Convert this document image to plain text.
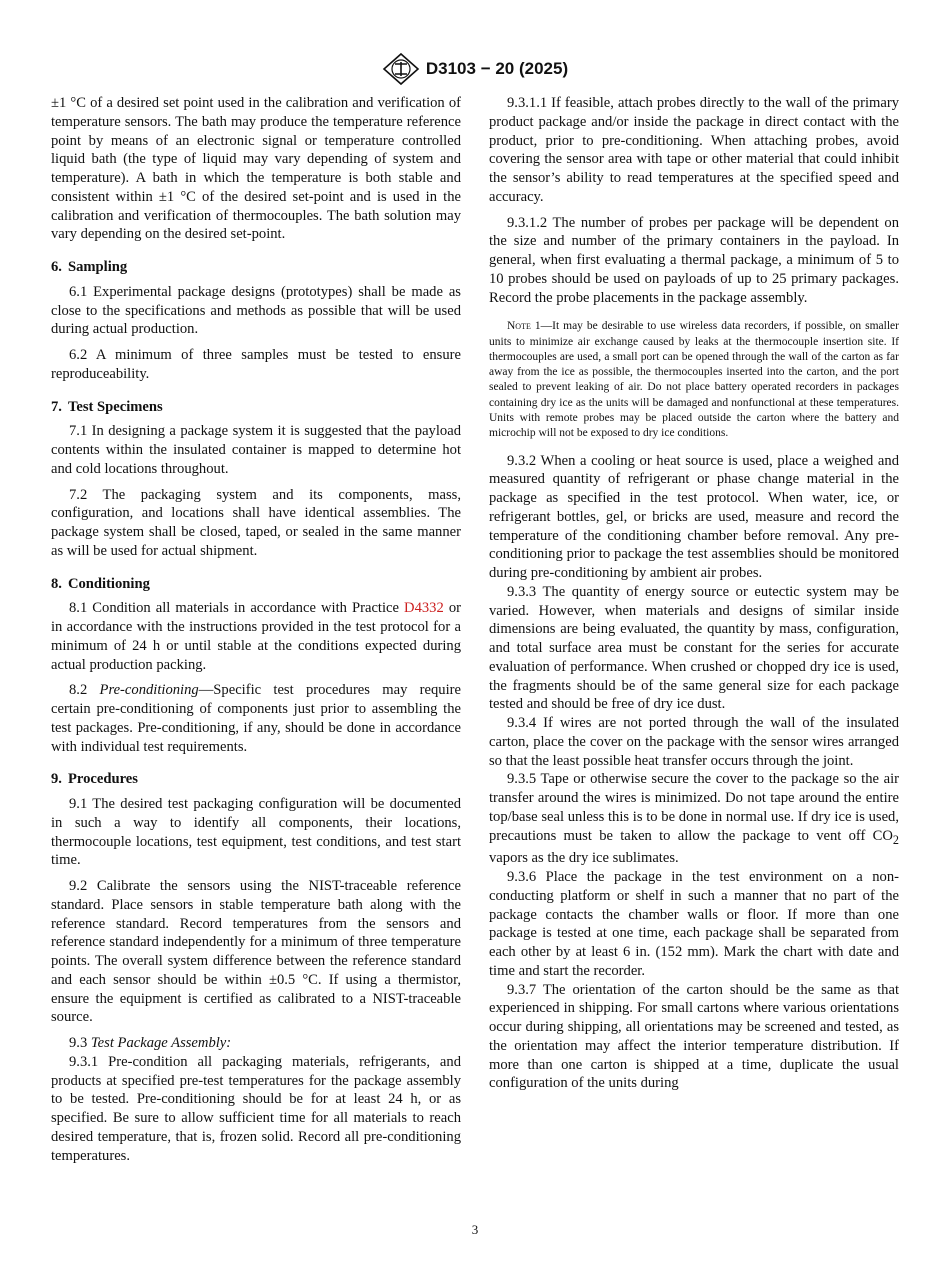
D3103 − 20 (2025)

±1 °C of a desired set point used in the calibration and verification of temperature sensors. The bath may produce the temperature reference point by means of an electronic signal or temperature controlled liquid bath (the type of liquid may vary depending of system and temperature). A bath in which the temperature is both stable and consistent within ±1 °C of the desired set-point and is used in the calibration and verification of thermocouples. The bath solution may vary depending on the desired set-point.

6. Sampling

6.1 Experimental package designs (prototypes) shall be made as close to the specifications and methods as possible that will be used during actual production.

6.2 A minimum of three samples must be tested to ensure reproduceability.

7. Test Specimens

7.1 In designing a package system it is suggested that the payload contents within the insulated container is mapped to determine hot and cold locations throughout.

7.2 The packaging system and its components, mass, configuration, and locations shall have identical assemblies. The package system shall be closed, taped, or sealed in the same manner as will be used for actual shipment.

8. Conditioning

8.1 Condition all materials in accordance with Practice D4332 or in accordance with the instructions provided in the test protocol for a minimum of 24 h or until stable at the conditions expected during actual production packing.

8.2 Pre-conditioning—Specific test procedures may require certain pre-conditioning of components just prior to assembling the test packages. Pre-conditioning, if any, should be done in accordance with individual test requirements.

9. Procedures

9.1 The desired test packaging configuration will be documented in such a way to identify all components, their locations, thermocouple locations, test equipment, test conditions, and test start time.

9.2 Calibrate the sensors using the NIST-traceable reference standard. Place sensors in stable temperature bath along with the reference standard. Record temperatures from the sensors and reference standard independently for a minimum of three temperature points. The overall system difference between the reference standard and each sensor should be within ±0.5 °C. If using a thermistor, ensure the equipment is certified as calibrated to a NIST-traceable source.

9.3 Test Package Assembly:

9.3.1 Pre-condition all packaging materials, refrigerants, and products at specified pre-test temperatures for the package assembly to be tested. Pre-conditioning should be for at least 24 h, or as specified. Be sure to allow sufficient time for all materials to reach desired temperature, that is, frozen solid. Record all pre-conditioning temperatures.

9.3.1.1 If feasible, attach probes directly to the wall of the primary product package and/or inside the package in direct contact with the product, prior to pre-conditioning. When attaching probes, avoid covering the sensor area with tape or other material that could inhibit the sensor’s ability to read temperatures at the specified speed and accuracy.

9.3.1.2 The number of probes per package will be dependent on the size and number of the primary containers in the payload. In general, when first evaluating a thermal package, a minimum of 5 to 10 probes should be used on payloads of up to 25 primary packages. Record the probe placements in the package assembly.

Note 1—It may be desirable to use wireless data recorders, if possible, on smaller units to minimize air exchange caused by leaks at the thermocouple insertion site. If thermocouples are used, a small port can be opened through the wall of the carton as far away from the ice as possible, the thermocouples inserted into the carton, and the port sealed to prevent leaking of air. Do not place battery operated recorders in packages containing dry ice as the units will be damaged and nonfunctional at these temperatures. Units with remote probes may be placed outside the carton where the battery and microchip will not be exposed to dry ice conditions.

9.3.2 When a cooling or heat source is used, place a weighed and measured quantity of refrigerant or phase change material in the package as specified in the test protocol. When water, ice, or refrigerant bottles, gel, or bricks are used, measure and record the temperature of the conditioning chamber before removal. Any pre-conditioning prior to package the test assemblies should be monitored during pre-conditioning by ambient air probes.

9.3.3 The quantity of energy source or eutectic system may be varied. However, when materials and designs of similar inside dimensions are being evaluated, the quantity by mass, configuration, and total surface area must be constant for the series for accurate evaluation of performance. When crushed or chopped dry ice is used, the fragments should be of the same general size for each package tested and should be free of dry ice dust.

9.3.4 If wires are not ported through the wall of the insulated carton, place the cover on the package with the sensor wires arranged so that the least possible heat transfer occurs through the joint.

9.3.5 Tape or otherwise secure the cover to the package so the air transfer around the wires is minimized. Do not tape around the entire top/base seal unless this is to be done in normal use. If dry ice is used, precautions must be taken to allow the package to vent off $CO_2$ vapors as the dry ice sublimates.

9.3.6 Place the package in the test environment on a non-conducting platform or shelf in such a manner that no part of the package contacts the chamber walls or floor. If more than one package is tested at one time, each package shall be separated from each other by at least 6 in. (152 mm). Mark the chart with date and time and start the recorder.

9.3.7 The orientation of the carton should be the same as that experienced in shipping. For small cartons where various orientations occur during shipping, all orientations may be screened and tested, as the orientation may affect the interior temperature distribution. If more than one carton is shipped at a time, duplicate the usual configuration of the units during

3
